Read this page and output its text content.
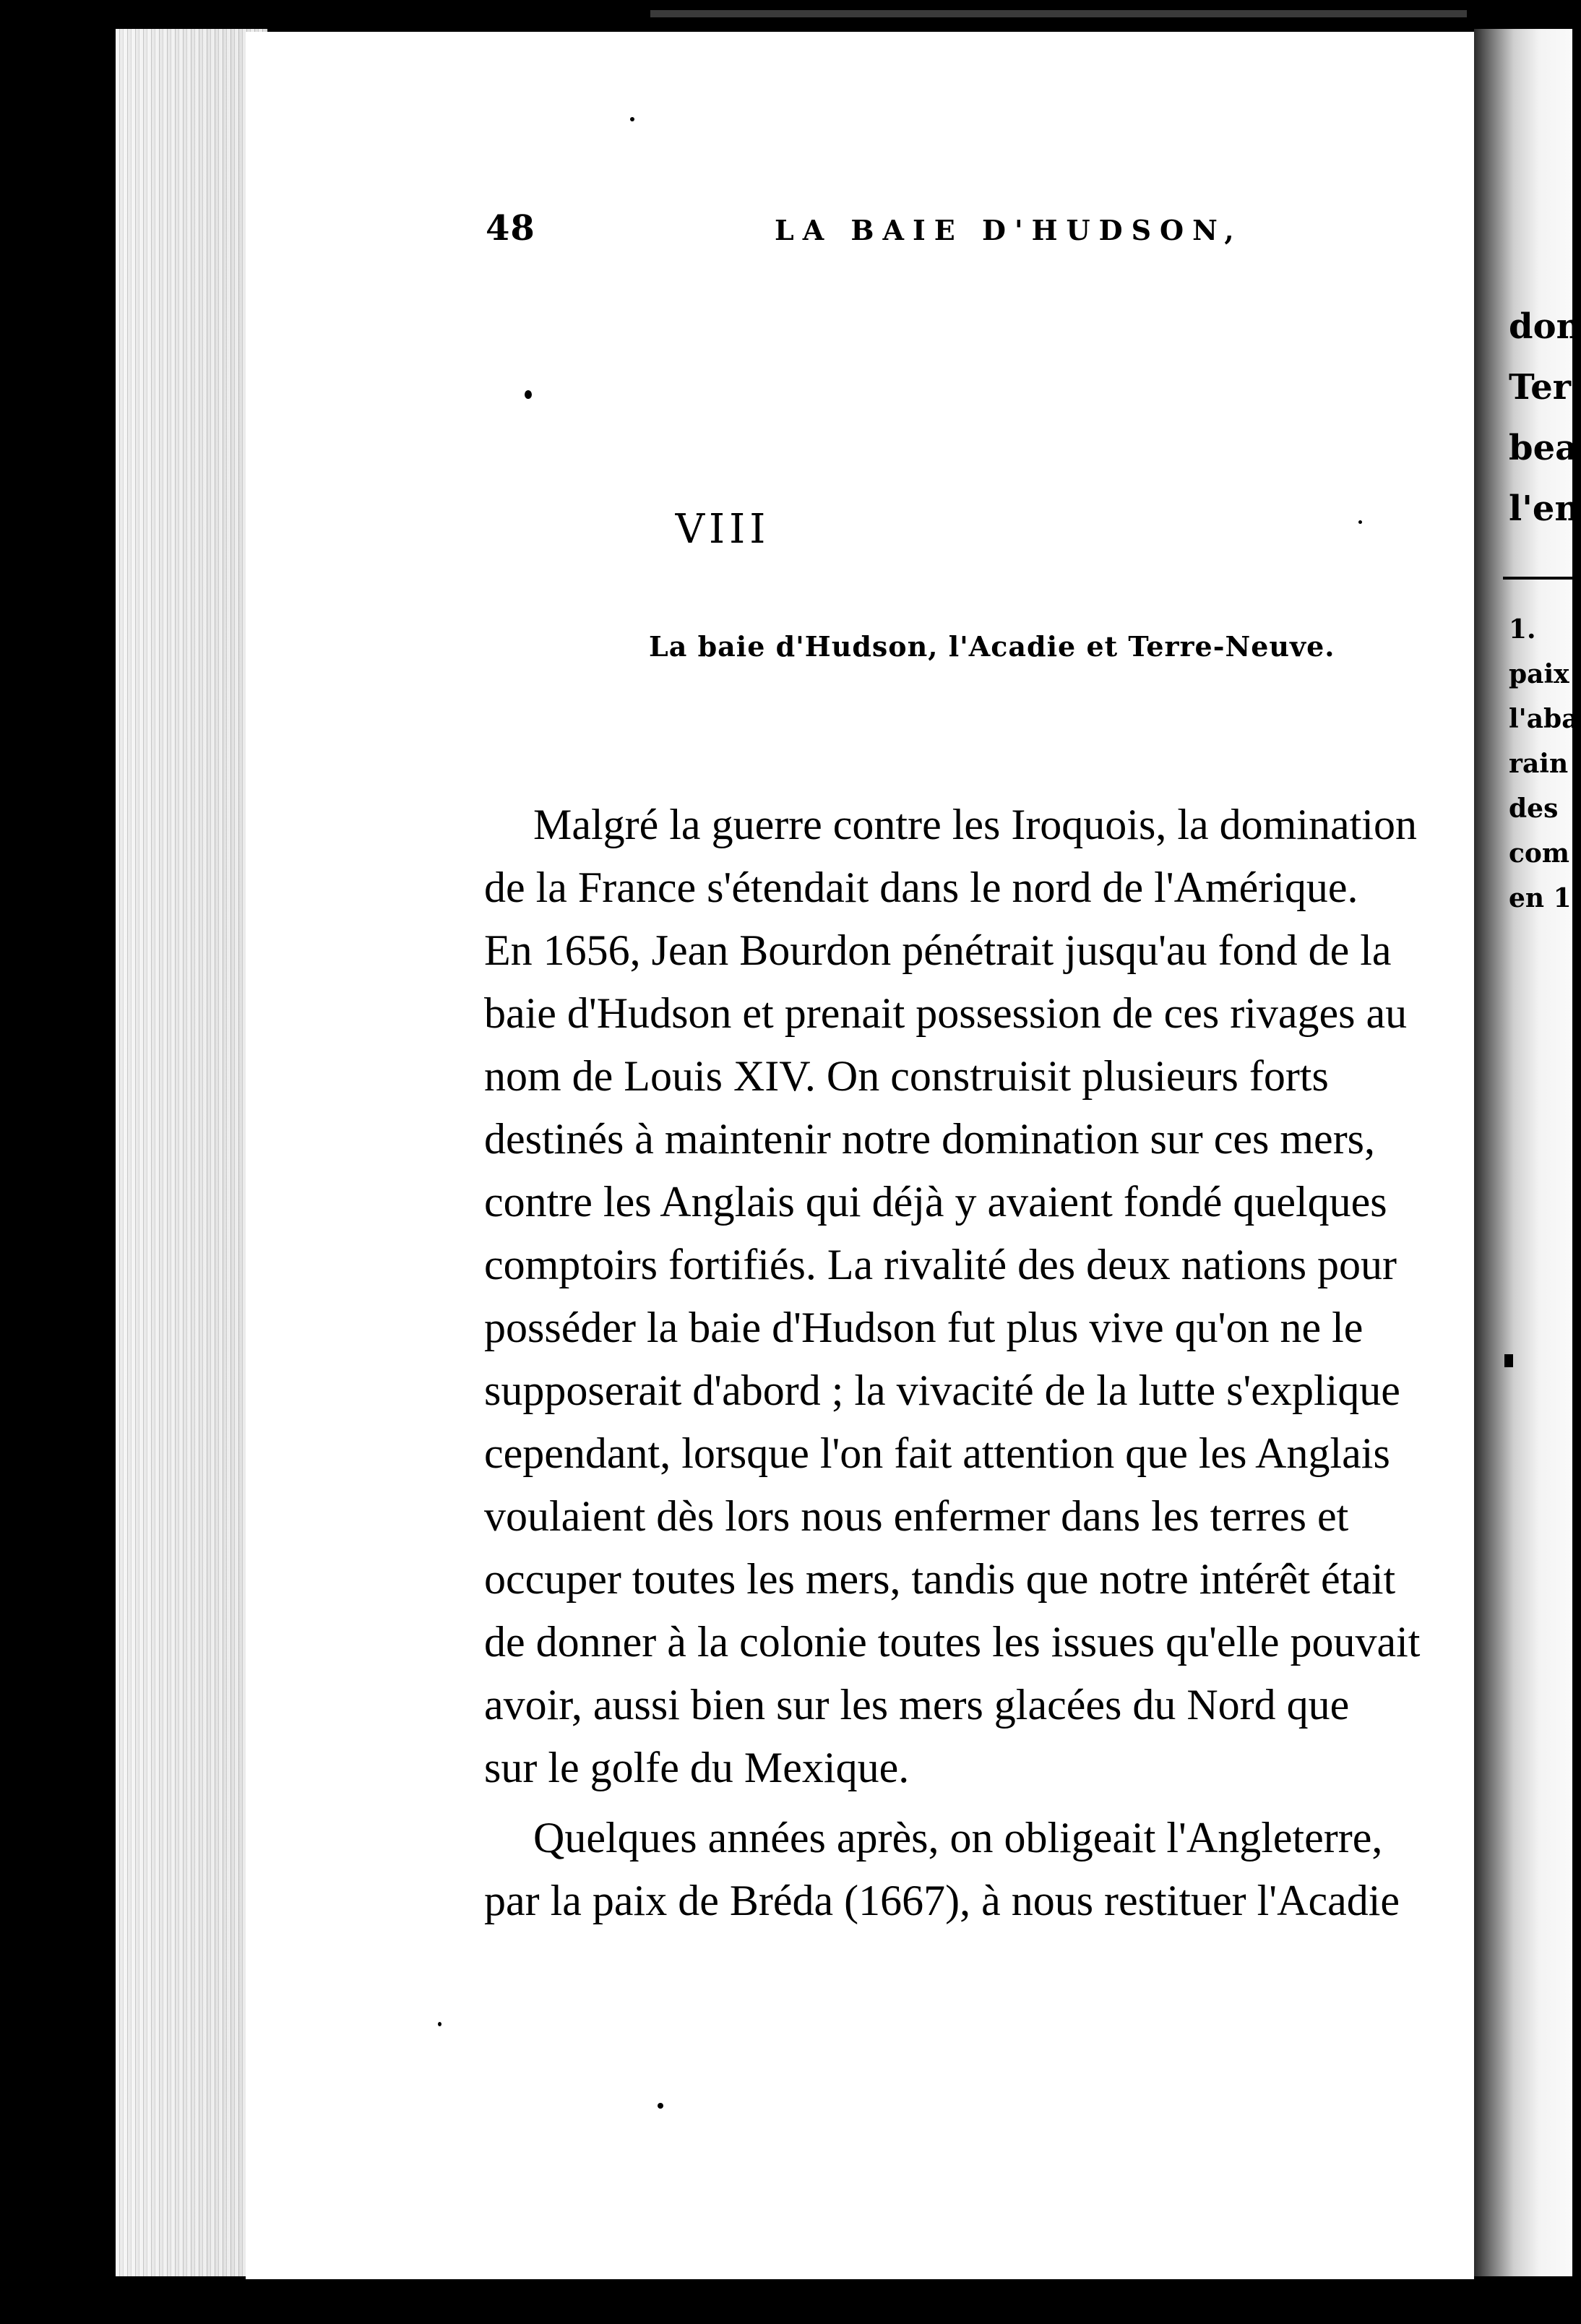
don
Ter
bea
l'en
1.
paix
l'aba
rain
des
com
en 1
48	LA BAIE D'HUDSON,
VIII
La baie d'Hudson, l'Acadie et Terre-Neuve.
Malgré la guerre contre les Iroquois, la domination
de la France s'étendait dans le nord de l'Amérique.
En 1656, Jean Bourdon pénétrait jusqu'au fond de la
baie d'Hudson et prenait possession de ces rivages au
nom de Louis XIV. On construisit plusieurs forts
destinés à maintenir notre domination sur ces mers,
contre les Anglais qui déjà y avaient fondé quelques
comptoirs fortifiés. La rivalité des deux nations pour
posséder la baie d'Hudson fut plus vive qu'on ne le
supposerait d'abord ; la vivacité de la lutte s'explique
cependant, lorsque l'on fait attention que les Anglais
voulaient dès lors nous enfermer dans les terres et
occuper toutes les mers, tandis que notre intérêt était
de donner à la colonie toutes les issues qu'elle pouvait
avoir, aussi bien sur les mers glacées du Nord que
sur le golfe du Mexique.
Quelques années après, on obligeait l'Angleterre,
par la paix de Bréda (1667), à nous restituer l'Acadie
